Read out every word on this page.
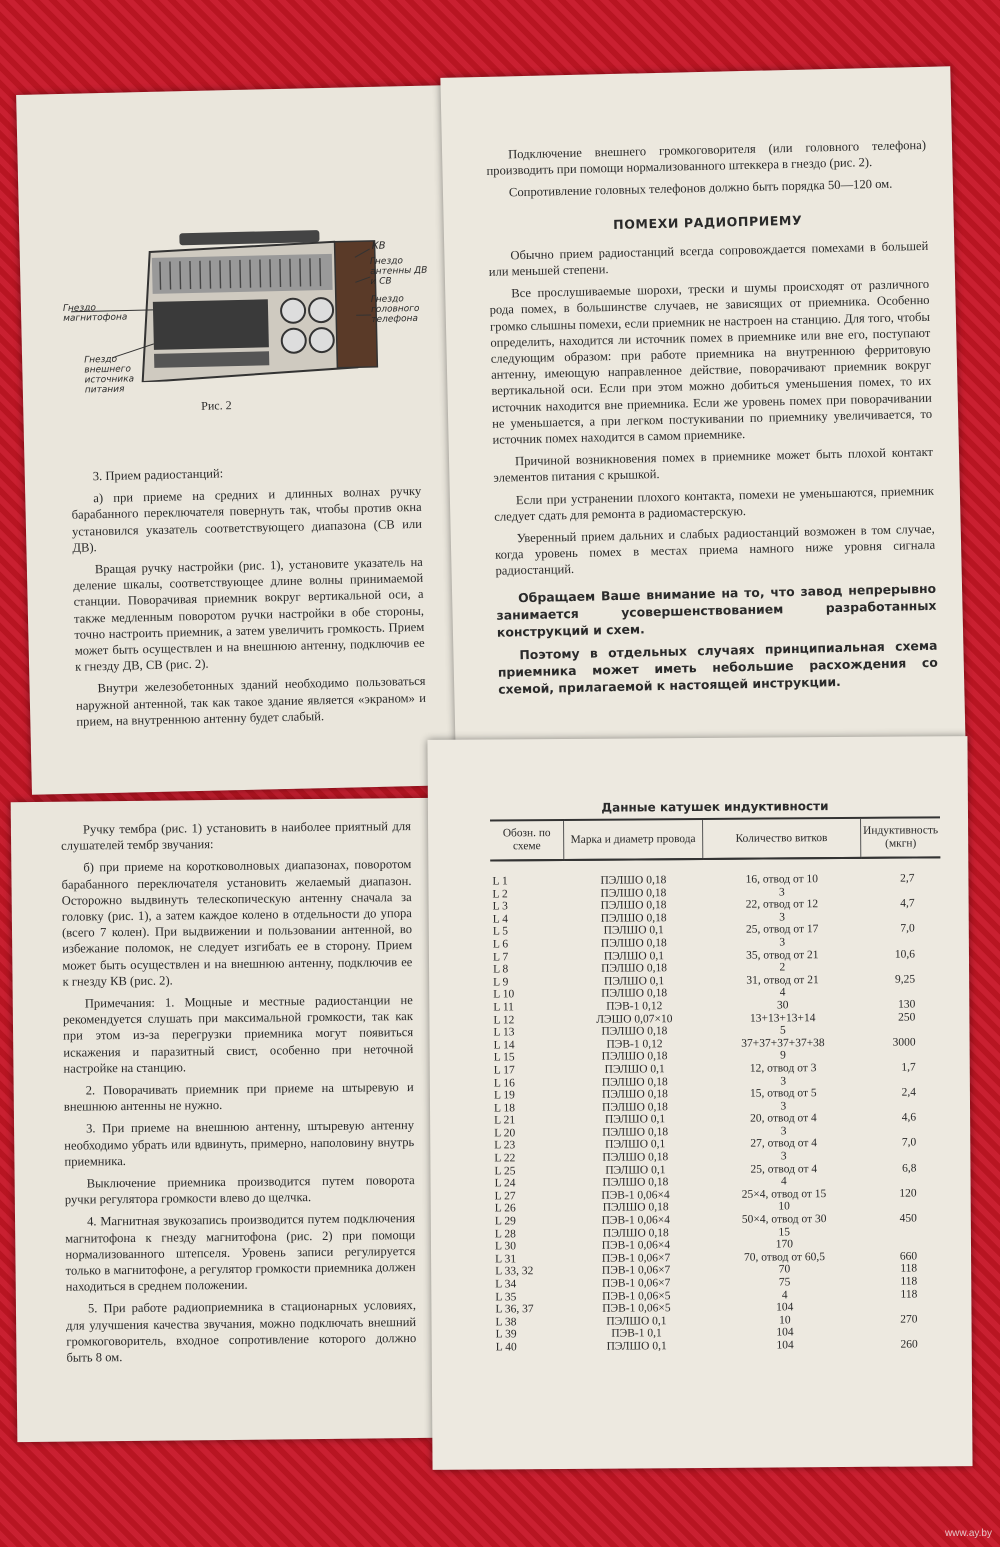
КВ
Гнездо антенны ДВ и СВ
Гнездо головного телефона
Гнездо магнитофона
Гнездо внешнего источника питания
Рис. 2

3. Прием радиостанций:

а) при приеме на средних и длинных волнах ручку барабанного переключателя повернуть так, чтобы против окна установился указатель соответствующего диапазона (СВ или ДВ).

Вращая ручку настройки (рис. 1), установите указатель на деление шкалы, соответствующее длине волны принимаемой станции. Поворачивая приемник вокруг вертикальной оси, а также медленным поворотом ручки настройки в обе стороны, точно настроить приемник, а затем увеличить громкость. Прием может быть осуществлен и на внешнюю антенну, подключив ее к гнезду ДВ, СВ (рис. 2).

Внутри железобетонных зданий необходимо пользоваться наружной антенной, так как такое здание является «экраном» и прием, на внутреннюю антенну будет слабый.

Подключение внешнего громкоговорителя (или головного телефона) производить при помощи нормализованного штеккера в гнездо (рис. 2).

Сопротивление головных телефонов должно быть порядка 50—120 ом.

ПОМЕХИ РАДИОПРИЕМУ

Обычно прием радиостанций всегда сопровождается помехами в большей или меньшей степени.

Все прослушиваемые шорохи, трески и шумы происходят от различного рода помех, в большинстве случаев, не зависящих от приемника. Особенно громко слышны помехи, если приемник не настроен на станцию. Для того, чтобы определить, находится ли источник помех в приемнике или вне его, поступают следующим образом: при работе приемника на внутреннюю ферритовую антенну, имеющую направленное действие, поворачивают приемник вокруг вертикальной оси. Если при этом можно добиться уменьшения помех, то их источник находится вне приемника. Если же уровень помех при поворачивании не уменьшается, а при легком постукивании по приемнику увеличивается, то источник помех находится в самом приемнике.

Причиной возникновения помех в приемнике может быть плохой контакт элементов питания с крышкой.

Если при устранении плохого контакта, помехи не уменьшаются, приемник следует сдать для ремонта в радиомастерскую.

Уверенный прием дальних и слабых радиостанций возможен в том случае, когда уровень помех в местах приема намного ниже уровня сигнала радиостанций.

Обращаем Ваше внимание на то, что завод непрерывно занимается усовершенствованием разработанных конструкций и схем.

Поэтому в отдельных случаях принципиальная схема приемника может иметь небольшие расхождения со схемой, прилагаемой к настоящей инструкции.

Ручку тембра (рис. 1) установить в наиболее приятный для слушателей тембр звучания:

б) при приеме на коротковолновых диапазонах, поворотом барабанного переключателя установить желаемый диапазон. Осторожно выдвинуть телескопическую антенну сначала за головку (рис. 1), а затем каждое колено в отдельности до упора (всего 7 колен). При выдвижении и пользовании антенной, во избежание поломок, не следует изгибать ее в сторону. Прием может быть осуществлен и на внешнюю антенну, подключив ее к гнезду КВ (рис. 2).

Примечания: 1. Мощные и местные радиостанции не рекомендуется слушать при максимальной громкости, так как при этом из-за перегрузки приемника могут появиться искажения и паразитный свист, особенно при неточной настройке на станцию.

2. Поворачивать приемник при приеме на штыревую и внешнюю антенны не нужно.

3. При приеме на внешнюю антенну, штыревую антенну необходимо убрать или вдвинуть, примерно, наполовину внутрь приемника.

Выключение приемника производится путем поворота ручки регулятора громкости влево до щелчка.

4. Магнитная звукозапись производится путем подключения магнитофона к гнезду магнитофона (рис. 2) при помощи нормализованного штепселя. Уровень записи регулируется только в магнитофоне, а регулятор громкости приемника должен находиться в среднем положении.

5. При работе радиоприемника в стационарных условиях, для улучшения качества звучания, можно подключать внешний громкоговоритель, входное сопротивление которого должно быть 8 ом.

Данные катушек индуктивности
Обозн. по схеме	Марка и диаметр провода	Количество витков	Индуктивность (мкгн)
L 1	ПЭЛШО 0,18	16, отвод от 10	2,7
L 2	ПЭЛШО 0,18	3	
L 3	ПЭЛШО 0,18	22, отвод от 12	4,7
L 4	ПЭЛШО 0,18	3	
L 5	ПЭЛШО 0,1	25, отвод от 17	7,0
L 6	ПЭЛШО 0,18	3	
L 7	ПЭЛШО 0,1	35, отвод от 21	10,6
L 8	ПЭЛШО 0,18	2	
L 9	ПЭЛШО 0,1	31, отвод от 21	9,25
L 10	ПЭЛШО 0,18	4	
L 11	ПЭВ-1 0,12	30	130
L 12	ЛЭШО 0,07×10	13+13+13+14	250
L 13	ПЭЛШО 0,18	5	
L 14	ПЭВ-1 0,12	37+37+37+37+38	3000
L 15	ПЭЛШО 0,18	9	
L 17	ПЭЛШО 0,1	12, отвод от 3	1,7
L 16	ПЭЛШО 0,18	3	
L 19	ПЭЛШО 0,18	15, отвод от 5	2,4
L 18	ПЭЛШО 0,18	3	
L 21	ПЭЛШО 0,1	20, отвод от 4	4,6
L 20	ПЭЛШО 0,18	3	
L 23	ПЭЛШО 0,1	27, отвод от 4	7,0
L 22	ПЭЛШО 0,18	3	
L 25	ПЭЛШО 0,1	25, отвод от 4	6,8
L 24	ПЭЛШО 0,18	4	
L 27	ПЭВ-1 0,06×4	25×4, отвод от 15	120
L 26	ПЭЛШО 0,18	10	
L 29	ПЭВ-1 0,06×4	50×4, отвод от 30	450
L 28	ПЭЛШО 0,18	15	
L 30	ПЭВ-1 0,06×4	170	
L 31	ПЭВ-1 0,06×7	70, отвод от 60,5	660
L 33, 32	ПЭВ-1 0,06×7	70	118
L 34	ПЭВ-1 0,06×7	75	118
L 35	ПЭВ-1 0,06×5	4	118
L 36, 37	ПЭВ-1 0,06×5	104	
L 38	ПЭЛШО 0,1	10	270
L 39	ПЭВ-1 0,1	104	
L 40	ПЭЛШО 0,1	104	260
www.ay.by
